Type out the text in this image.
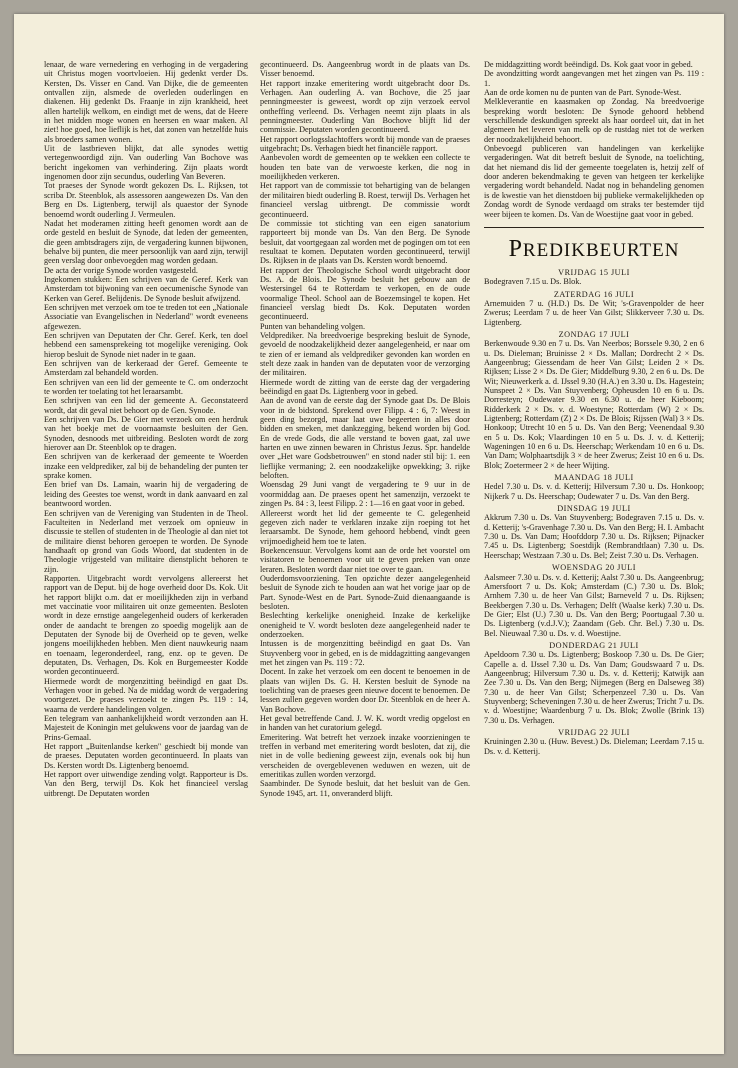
lenaar, de ware vernedering en verhoging in de vergadering uit Christus mogen voortvloeien. Hij gedenkt verder Ds. Kersten, Ds. Visser en Cand. Van Dijke, die de gemeenten ontvallen zijn, alsmede de overleden ouderlingen en diakenen. Hij gedenkt Ds. Fraanje in zijn krankheid, heet allen hartelijk welkom, en eindigt met de wens, dat de Heere in het midden moge wonen en heersen en waar maken. Al ziet! hoe goed, hoe lieflijk is het, dat zonen van hetzelfde huis als broeders samen wonen.

Uit de lastbrieven blijkt, dat alle synodes wettig vertegenwoordigd zijn. Van ouderling Van Bochove was bericht ingekomen van verhindering. Zijn plaats wordt ingenomen door zijn secundus, ouderling Van Beveren.

Tot praeses der Synode wordt gekozen Ds. L. Rijksen, tot scriba Dr. Steenblok, als assessoren aangewezen Ds. Van den Berg en Ds. Ligtenberg, terwijl als quaestor der Synode benoemd wordt ouderling J. Vermeulen.

Nadat het moderamen zitting heeft genomen wordt aan de orde gesteld en besluit de Synode, dat leden der gemeenten, die geen ambtsdragers zijn, de vergadering kunnen bijwonen, behalve bij punten, die meer persoonlijk van aard zijn, terwijl geen verslag door onbevoegden mag worden gedaan.

De acta der vorige Synode worden vastgesteld.

Ingekomen stukken: Een schrijven van de Geref. Kerk van Amsterdam tot bijwoning van een oecumenische Synode van Kerken van Geref. Belijdenis. De Synode besluit afwijzend.

Een schrijven met verzoek om toe te treden tot een „Nationale Associatie van Evangelischen in Nederland" wordt eveneens afgewezen.

Een schrijven van Deputaten der Chr. Geref. Kerk, ten doel hebbend een samensprekeing tot mogelijke vereniging. Ook hierop besluit de Synode niet nader in te gaan.

Een schrijven van de kerkeraad der Geref. Gemeente te Amsterdam zal behandeld worden.

Een schrijven van een lid der gemeente te C. om onderzocht te worden ter toelating tot het leraarsambt.

Een schrijven van een lid der gemeente A. Geconstateerd wordt, dat dit geval niet behoort op de Gen. Synode.

Een schrijven van Ds. De Gier met verzoek om een herdruk van het boekje met de voornaamste besluiten der Gen. Synoden, desnoods met uitbreiding. Besloten wordt de zorg hierover aan Dr. Steenblok op te dragen.

Een schrijven van de kerkeraad der gemeente te Woerden inzake een veldprediker, zal bij de behandeling der punten ter sprake komen.

Een brief van Ds. Lamain, waarin hij de vergadering de leiding des Geestes toe wenst, wordt in dank aanvaard en zal beantwoord worden.

Een schrijven van de Vereniging van Studenten in de Theol. Faculteiten in Nederland met verzoek om opnieuw in discussie te stellen of studenten in de Theologie al dan niet tot de militaire dienst behoren geroepen te worden. De Synode handhaaft op grond van Gods Woord, dat studenten in de Theologie vrijgesteld van militaire dienstplicht behoren te zijn.

Rapporten. Uitgebracht wordt vervolgens allereerst het rapport van de Deput. bij de hoge overheid door Ds. Kok. Uit het rapport blijkt o.m. dat er moeilijkheden zijn in verband met vaccinatie voor militairen uit onze gemeenten. Besloten wordt in deze ernstige aangelegenheid ouders of kerkeraden onder de aandacht te brengen zo spoedig mogelijk aan de Deputaten der Synode bij de Overheid op te geven, welke jongens moeilijkheden hebben. Men dient nauwkeurig naam en toenaam, legeronderdeel, rang, enz. op te geven. De deputaten, Ds. Verhagen, Ds. Kok en Burgemeester Kodde worden gecontinueerd.

Hiermede wordt de morgenzitting beëindigd en gaat Ds. Verhagen voor in gebed. Na de middag wordt de vergadering voortgezet. De praeses verzoekt te zingen Ps. 119 : 14, waarna de verdere handelingen volgen.

Een telegram van aanhankelijkheid wordt verzonden aan H. Majesteit de Koningin met gelukwens voor de jaardag van de Prins-Gemaal.

Het rapport „Buitenlandse kerken" geschiedt bij monde van de praeses. Deputaten worden gecontinueerd. In plaats van Ds. Kersten wordt Ds. Ligtenberg benoemd.

Het rapport over uitwendige zending volgt. Rapporteur is Ds. Van den Berg, terwijl Ds. Kok het financieel verslag uitbrengt. De Deputaten worden

gecontinueerd. Ds. Aangeenbrug wordt in de plaats van Ds. Visser benoemd.

Het rapport inzake emeritering wordt uitgebracht door Ds. Verhagen. Aan ouderling A. van Bochove, die 25 jaar penningmeester is geweest, wordt op zijn verzoek eervol ontheffing verleend. Ds. Verhagen neemt zijn plaats in als penningmeester. Ouderling Van Bochove blijft lid der commissie. Deputaten worden gecontinueerd.

Het rapport oorlogsslachtoffers wordt bij monde van de praeses uitgebracht; Ds. Verhagen biedt het financiële rapport.

Aanbevolen wordt de gemeenten op te wekken een collecte te houden ten bate van de verwoeste kerken, die nog in moeilijkheden verkeren.

Het rapport van de commissie tot behartiging van de belangen der militairen biedt ouderling B. Roest, terwijl Ds. Verhagen het financieel verslag uitbrengt. De commissie wordt gecontinueerd.

De commissie tot stichting van een eigen sanatorium rapporteert bij monde van Ds. Van den Berg. De Synode besluit, dat voortgegaan zal worden met de pogingen om tot een resultaat te komen. Deputaten worden gecontinueerd, terwijl Ds. Rijksen in de plaats van Ds. Kersten wordt benoemd.

Het rapport der Theologische School wordt uitgebracht door Ds. A. de Blois. De Synode besluit het gebouw aan de Westersingel 64 te Rotterdam te verkopen, en de oude voormalige Theol. School aan de Boezemsingel te kopen. Het financieel verslag biedt Ds. Kok. Deputaten worden gecontinueerd.

Punten van behandeling volgen.

Veldprediker. Na breedvoerige bespreking besluit de Synode, gevoeld de noodzakelijkheid dezer aangelegenheid, er naar om te zien of er iemand als veldprediker gevonden kan worden en stelt deze zaak in handen van de deputaten voor de verzorging der militairen.

Hiermede wordt de zitting van de eerste dag der vergadering beëindigd en gaat Ds. Ligtenberg voor in gebed.

Aan de avond van de eerste dag der Synode gaat Ds. De Blois voor in de bidstond. Sprekend over Filipp. 4 : 6, 7: Weest in geen ding bezorgd, maar laat uwe begeerten in alles door bidden en smeken, met dankzegging, bekend worden bij God. En de vrede Gods, die alle verstand te boven gaat, zal uwe harten en uwe zinnen bewaren in Christus Jezus. Spr. handelde over „Het ware Godsbetrouwen" en stond nader stil bij: 1. een lieflijke vermaning; 2. een noodzakelijke opwekking; 3. rijke beloften.

Woensdag 29 Juni vangt de vergadering te 9 uur in de voormiddag aan. De praeses opent het samenzijn, verzoekt te zingen Ps. 84 : 3, leest Filipp. 2 : 1—16 en gaat voor in gebed.

Allereerst wordt het lid der gemeente te C. gelegenheid gegeven zich nader te verklaren inzake zijn roeping tot het leraarsambt. De Synode, hem gehoord hebbend, vindt geen vrijmoedigheid hem toe te laten.

Boekencensuur. Vervolgens komt aan de orde het voorstel om visitatoren te benoemen voor uit te geven preken van onze leraren. Besloten wordt daar niet toe over te gaan.

Ouderdomsvoorziening. Ten opzichte dezer aangelegenheid besluit de Synode zich te houden aan wat het vorige jaar op de Part. Synode-West en de Part. Synode-Zuid dienaangaande is besloten.

Beslechting kerkelijke onenigheid. Inzake de kerkelijke onenigheid te V. wordt besloten deze aangelegenheid nader te onderzoeken.

Intussen is de morgenzitting beëindigd en gaat Ds. Van Stuyvenberg voor in gebed, en is de middagzitting aangevangen met het zingen van Ps. 119 : 72.

Docent. In zake het verzoek om een docent te benoemen in de plaats van wijlen Ds. G. H. Kersten besluit de Synode na toelichting van de praeses geen nieuwe docent te benoemen. De lessen zullen gegeven worden door Dr. Steenblok en de heer A. Van Bochove.

Het geval betreffende Cand. J. W. K. wordt vredig opgelost en in handen van het curatorium gelegd.

Emeritering. Wat betreft het verzoek inzake voorzieningen te treffen in verband met emeritering wordt besloten, dat zij, die niet in de volle bediening geweest zijn, evenals ook bij hun verscheiden de overgeblevenen weduwen en wezen, uit de emeritikas zullen worden verzorgd.

Saambinder. De Synode besluit, dat het besluit van de Gen. Synode 1945, art. 11, onveranderd blijft.

De middagzitting wordt beëindigd. Ds. Kok gaat voor in gebed.

De avondzitting wordt aangevangen met het zingen van Ps. 119 : 1.

Aan de orde komen nu de punten van de Part. Synode-West.

Melkleverantie en kaasmaken op Zondag. Na breedvoerige bespreking wordt besloten: De Synode gehoord hebbend verschillende deskundigen spreekt als haar oordeel uit, dat in het algemeen het leveren van melk op de rustdag niet tot de werken der noodzakelijkheid behoort.

Onbevoegd publiceren van handelingen van kerkelijke vergaderingen. Wat dit betreft besluit de Synode, na toelichting, dat het niemand dis lid der gemeente toegelaten is, hetzij zelf of door anderen bekendmaking te geven van hetgeen ter kerkelijke vergadering wordt behandeld. Nadat nog in behandeling genomen is de kwestie van het dienstdoen bij publieke vermakelijkheden op Zondag wordt de Synode verdaagd om straks ter bestemder tijd weer bijeen te komen. Ds. Van de Woestijne gaat voor in gebed.

PREDIKBEURTEN
VRIJDAG 15 JULI

Bodegraven 7.15 u. Ds. Blok.

ZATERDAG 16 JULI

Arnemuiden 7 u. (H.D.) Ds. De Wit; 's-Gravenpolder de heer Zwerus; Leerdam 7 u. de heer Van Gilst; Slikkerveer 7.30 u. Ds. Ligtenberg.

ZONDAG 17 JULI

Berkenwoude 9.30 en 7 u. Ds. Van Neerbos; Borssele 9.30, 2 en 6 u. Ds. Dieleman; Bruinisse 2 × Ds. Mallan; Dordrecht 2 × Ds. Aangeenbrug; Giessendam de heer Van Gilst; Leiden 2 × Ds. Rijksen; Lisse 2 × Ds. De Gier; Middelburg 9.30, 2 en 6 u. Ds. De Wit; Nieuwerkerk a. d. IJssel 9.30 (H.A.) en 3.30 u. Ds. Hagestein; Nunspeet 2 × Ds. Van Stuyvenberg; Opheusden 10 en 6 u. Ds. Dorresteyn; Oudewater 9.30 en 6.30 u. de heer Kieboom; Ridderkerk 2 × Ds. v. d. Woestyne; Rotterdam (W) 2 × Ds. Ligtenberg; Rotterdam (Z) 2 × Ds. De Blois; Rijssen (Wal) 3 × Ds. Honkoop; Utrecht 10 en 5 u. Ds. Van den Berg; Veenendaal 9.30 en 5 u. Ds. Kok; Vlaardingen 10 en 5 u. Ds. J. v. d. Ketterij; Wageningen 10 en 6 u. Ds. Heerschap; Werkendam 10 en 6 u. Ds. Van Dam; Wolphaartsdijk 3 × de heer Zwerus; Zeist 10 en 6 u. Ds. Blok; Zoetermeer 2 × de heer Wijting.

MAANDAG 18 JULI

Hedel 7.30 u. Ds. v. d. Ketterij; Hilversum 7.30 u. Ds. Honkoop; Nijkerk 7 u. Ds. Heerschap; Oudewater 7 u. Ds. Van den Berg.

DINSDAG 19 JULI

Akkrum 7.30 u. Ds. Van Stuyvenberg; Bodegraven 7.15 u. Ds. v. d. Ketterij; 's-Gravenhage 7.30 u. Ds. Van den Berg; H. I. Ambacht 7.30 u. Ds. Van Dam; Hoofddorp 7.30 u. Ds. Rijksen; Pijnacker 7.45 u. Ds. Ligtenberg; Soestdijk (Rembrandtlaan) 7.30 u. Ds. Heerschap; Westzaan 7.30 u. Ds. Bel; Zeist 7.30 u. Ds. Verhagen.

WOENSDAG 20 JULI

Aalsmeer 7.30 u. Ds. v. d. Ketterij; Aalst 7.30 u. Ds. Aangeenbrug; Amersfoort 7 u. Ds. Kok; Amsterdam (C.) 7.30 u. Ds. Blok; Arnhem 7.30 u. de heer Van Gilst; Barneveld 7 u. Ds. Rijksen; Beekbergen 7.30 u. Ds. Verhagen; Delft (Waalse kerk) 7.30 u. Ds. De Gier; Elst (U.) 7.30 u. Ds. Van den Berg; Poortugaal 7.30 u. Ds. Ligtenberg (v.d.J.V.); Zaandam (Geb. Chr. Bel.) 7.30 u. Ds. Bel. Nieuwaal 7.30 u. Ds. v. d. Woestijne.

DONDERDAG 21 JULI

Apeldoorn 7.30 u. Ds. Ligtenberg; Boskoop 7.30 u. Ds. De Gier; Capelle a. d. IJssel 7.30 u. Ds. Van Dam; Goudswaard 7 u. Ds. Aangeenbrug; Hilversum 7.30 u. Ds. v. d. Ketterij; Katwijk aan Zee 7.30 u. Ds. Van den Berg; Nijmegen (Berg en Dalseweg 38) 7.30 u. de heer Van Gilst; Scherpenzeel 7.30 u. Ds. Van Stuyvenberg; Scheveningen 7.30 u. de heer Zwerus; Tricht 7 u. Ds. v. d. Woestijne; Waardenburg 7 u. Ds. Blok; Zwolle (Brink 13) 7.30 u. Ds. Verhagen.

VRIJDAG 22 JULI

Kruiningen 2.30 u. (Huw. Bevest.) Ds. Dieleman; Leerdam 7.15 u. Ds. v. d. Ketterij.
